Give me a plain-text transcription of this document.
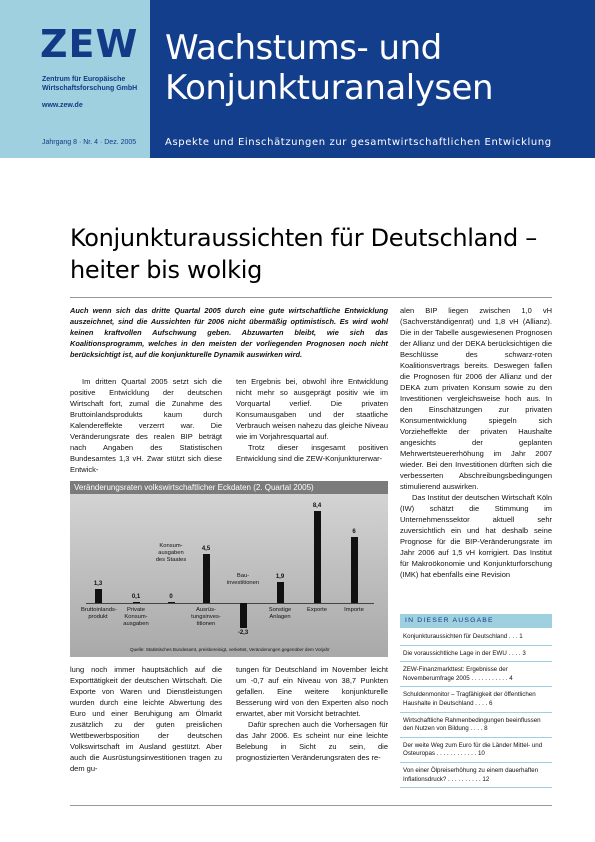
ZEW
Zentrum für Europäische
Wirtschaftsforschung GmbH
www.zew.de
Wachstums- und
Konjunkturanalysen
Jahrgang 8 · Nr. 4 · Dez. 2005	Aspekte und Einschätzungen zur gesamtwirtschaftlichen Entwicklung
Konjunkturaussichten für Deutschland –
heiter bis wolkig
Auch wenn sich das dritte Quartal 2005 durch eine gute wirtschaftliche Entwicklung auszeichnet, sind die Aussichten für 2006 nicht übermäßig optimistisch. Es wird wohl keinen kraftvollen Aufschwung geben. Abzuwarten bleibt, wie sich das Koalitionsprogramm, welches in den meisten der vorliegenden Prognosen noch nicht berücksichtigt ist, auf die konjunkturelle Dynamik auswirken wird.

Im dritten Quartal 2005 setzt sich die positive Entwicklung der deutschen Wirtschaft fort, zumal die Zunahme des Bruttoinlandsprodukts kaum durch Kalendereffekte verzerrt war. Die Veränderungsrate des realen BIP beträgt nach Angaben des Statistischen Bundesamtes 1,3 vH. Zwar stützt sich diese Entwick-

ten Ergebnis bei, obwohl ihre Entwicklung nicht mehr so ausgeprägt positiv wie im Vorquartal verlief. Die privaten Konsumausgaben und der staatliche Verbrauch weisen nahezu das gleiche Niveau wie im Vorjahresquartal auf.

Trotz dieser insgesamt positiven Entwicklung sind die ZEW-Konjunkturerwar-

Veränderungsraten volkswirtschaftlicher Eckdaten (2. Quartal 2005)
1,3
Bruttoinlands-produkt
0,1
Private Konsum-ausgaben
0
Konsum-ausgaben des Staates
4,5
Ausrüs-tungsinves-titionen
-2,3
Bau-investitionen
1,9
Sonstige Anlagen
8,4
Exporte
6
Importe
Quelle: Statistisches Bundesamt, preisbereinigt, verkettet, Veränderungen gegenüber dem Vorjahr

lung noch immer hauptsächlich auf die Exporttätigkeit der deutschen Wirtschaft. Die Exporte von Waren und Dienstleistungen wurden durch eine leichte Abwertung des Euro und einer Beruhigung am Ölmarkt zusätzlich zu der guten preislichen Wettbewerbsposition der deutschen Volkswirtschaft im Ausland gestützt. Aber auch die Ausrüstungsinvestitionen tragen zu dem gu-

tungen für Deutschland im November leicht um -0,7 auf ein Niveau von 38,7 Punkten gefallen. Eine weitere konjunkturelle Besserung wird von den Experten also noch erwartet, aber mit Vorsicht betrachtet.

Dafür sprechen auch die Vorhersagen für das Jahr 2006. Es scheint nur eine leichte Belebung in Sicht zu sein, die prognostizierten Veränderungsraten des re-

alen BIP liegen zwischen 1,0 vH (Sachverständigenrat) und 1,8 vH (Allianz). Die in der Tabelle ausgewiesenen Prognosen der Allianz und der DEKA berücksichtigen die Beschlüsse des schwarz-roten Koalitionsvertrags bereits. Deswegen fallen die Prognosen für 2006 der Allianz und der DEKA zum privaten Konsum sowie zu den Investitionen vergleichsweise hoch aus. In den Einschätzungen zur privaten Konsumentwicklung spiegeln sich Vorzieheffekte der privaten Haushalte angesichts der geplanten Mehrwertsteuererhöhung im Jahr 2007 wieder. Bei den Investitionen dürften sich die verbesserten Abschreibungsbedingungen stimulierend auswirken.

Das Institut der deutschen Wirtschaft Köln (IW) schätzt die Stimmung im Unternehmenssektor aktuell sehr zuversichtlich ein und hat deshalb seine Prognose für die BIP-Veränderungsrate im Jahr 2006 auf 1,5 vH korrigiert. Das Institut für Makroökonomie und Konjunkturforschung (IMK) hat ebenfalls eine Revision

IN DIESER AUSGABE
Konjunkturaussichten für Deutschland . . . 1
Die voraussichtliche Lage in der EWU . . . . 3
ZEW-Finanzmarkttest: Ergebnisse der Novemberumfrage 2005 . . . . . . . . . . . 4
Schuldenmonitor – Tragfähigkeit der öffentlichen Haushalte in Deutschland . . . . 6
Wirtschaftliche Rahmenbedingungen beeinflussen den Nutzen von Bildung . . . . 8
Der weite Weg zum Euro für die Länder Mittel- und Osteuropas . . . . . . . . . . . . 10
Von einer Ölpreiserhöhung zu einem dauerhaften Inflationsdruck? . . . . . . . . . . 12
